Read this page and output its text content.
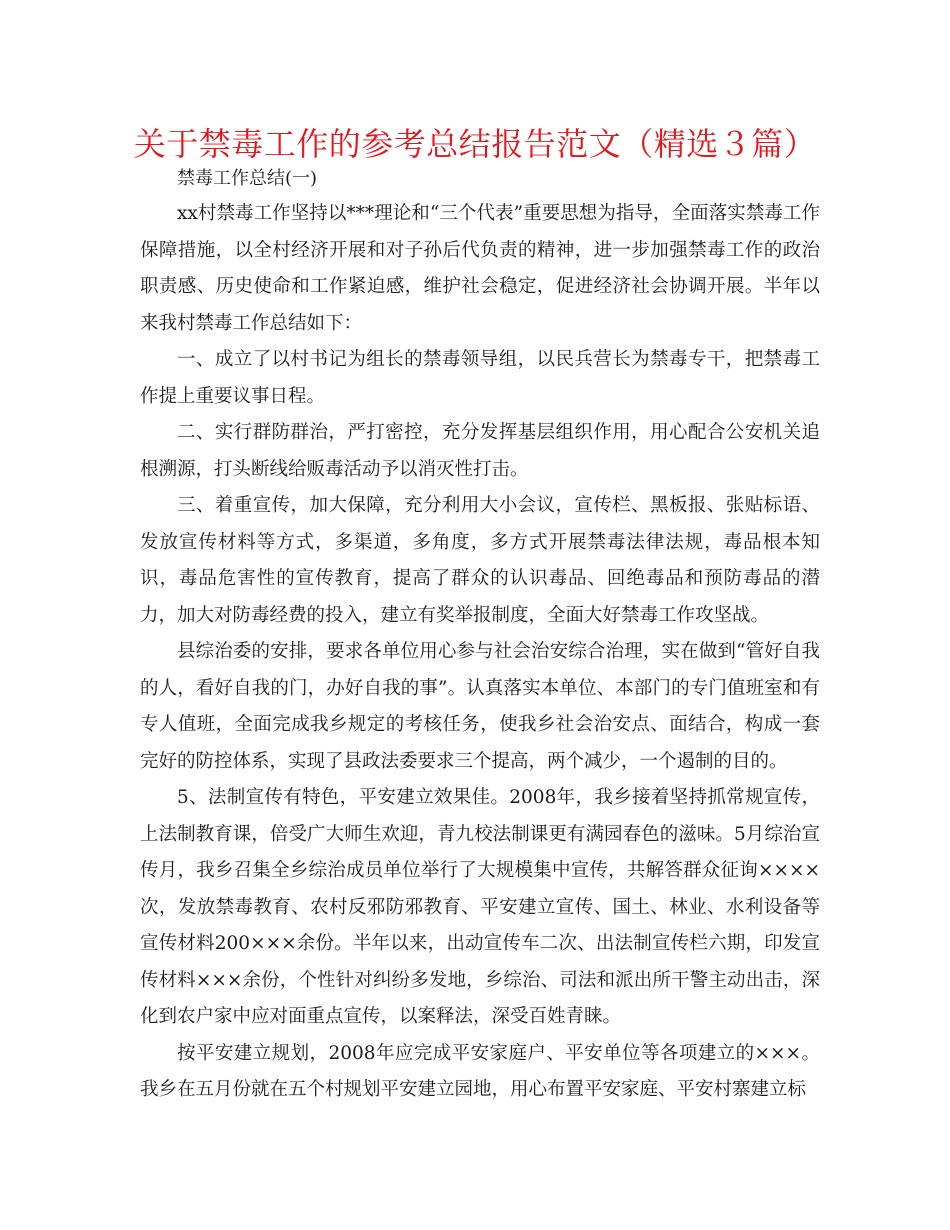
关于禁毒工作的参考总结报告范文（精选３篇）
禁毒工作总结(一)

xx村禁毒工作坚持以***理论和“三个代表”重要思想为指导，全面落实禁毒工作保障措施，以全村经济开展和对子孙后代负责的精神，进一步加强禁毒工作的政治职责感、历史使命和工作紧迫感，维护社会稳定，促进经济社会协调开展。半年以来我村禁毒工作总结如下：

一、成立了以村书记为组长的禁毒领导组，以民兵营长为禁毒专干，把禁毒工作提上重要议事日程。

二、实行群防群治，严打密控，充分发挥基层组织作用，用心配合公安机关追根溯源，打头断线给贩毒活动予以消灭性打击。

三、着重宣传，加大保障，充分利用大小会议，宣传栏、黑板报、张贴标语、发放宣传材料等方式，多渠道，多角度，多方式开展禁毒法律法规，毒品根本知识，毒品危害性的宣传教育，提高了群众的认识毒品、回绝毒品和预防毒品的潜力，加大对防毒经费的投入，建立有奖举报制度，全面大好禁毒工作攻坚战。

县综治委的安排，要求各单位用心参与社会治安综合治理，实在做到“管好自我的人，看好自我的门，办好自我的事”。认真落实本单位、本部门的专门值班室和有专人值班，全面完成我乡规定的考核任务，使我乡社会治安点、面结合，构成一套完好的防控体系，实现了县政法委要求三个提高，两个减少，一个遏制的目的。

5、法制宣传有特色，平安建立效果佳。2008年，我乡接着坚持抓常规宣传，上法制教育课，倍受广大师生欢迎，青九校法制课更有满园春色的滋味。5月综治宣传月，我乡召集全乡综治成员单位举行了大规模集中宣传，共解答群众征询××××次，发放禁毒教育、农村反邪防邪教育、平安建立宣传、国土、林业、水利设备等宣传材料200×××余份。半年以来，出动宣传车二次、出法制宣传栏六期，印发宣传材料×××余份，个性针对纠纷多发地，乡综治、司法和派出所干警主动出击，深化到农户家中应对面重点宣传，以案释法，深受百姓青睐。

按平安建立规划，2008年应完成平安家庭户、平安单位等各项建立的×××。我乡在五月份就在五个村规划平安建立园地，用心布置平安家庭、平安村寨建立标
